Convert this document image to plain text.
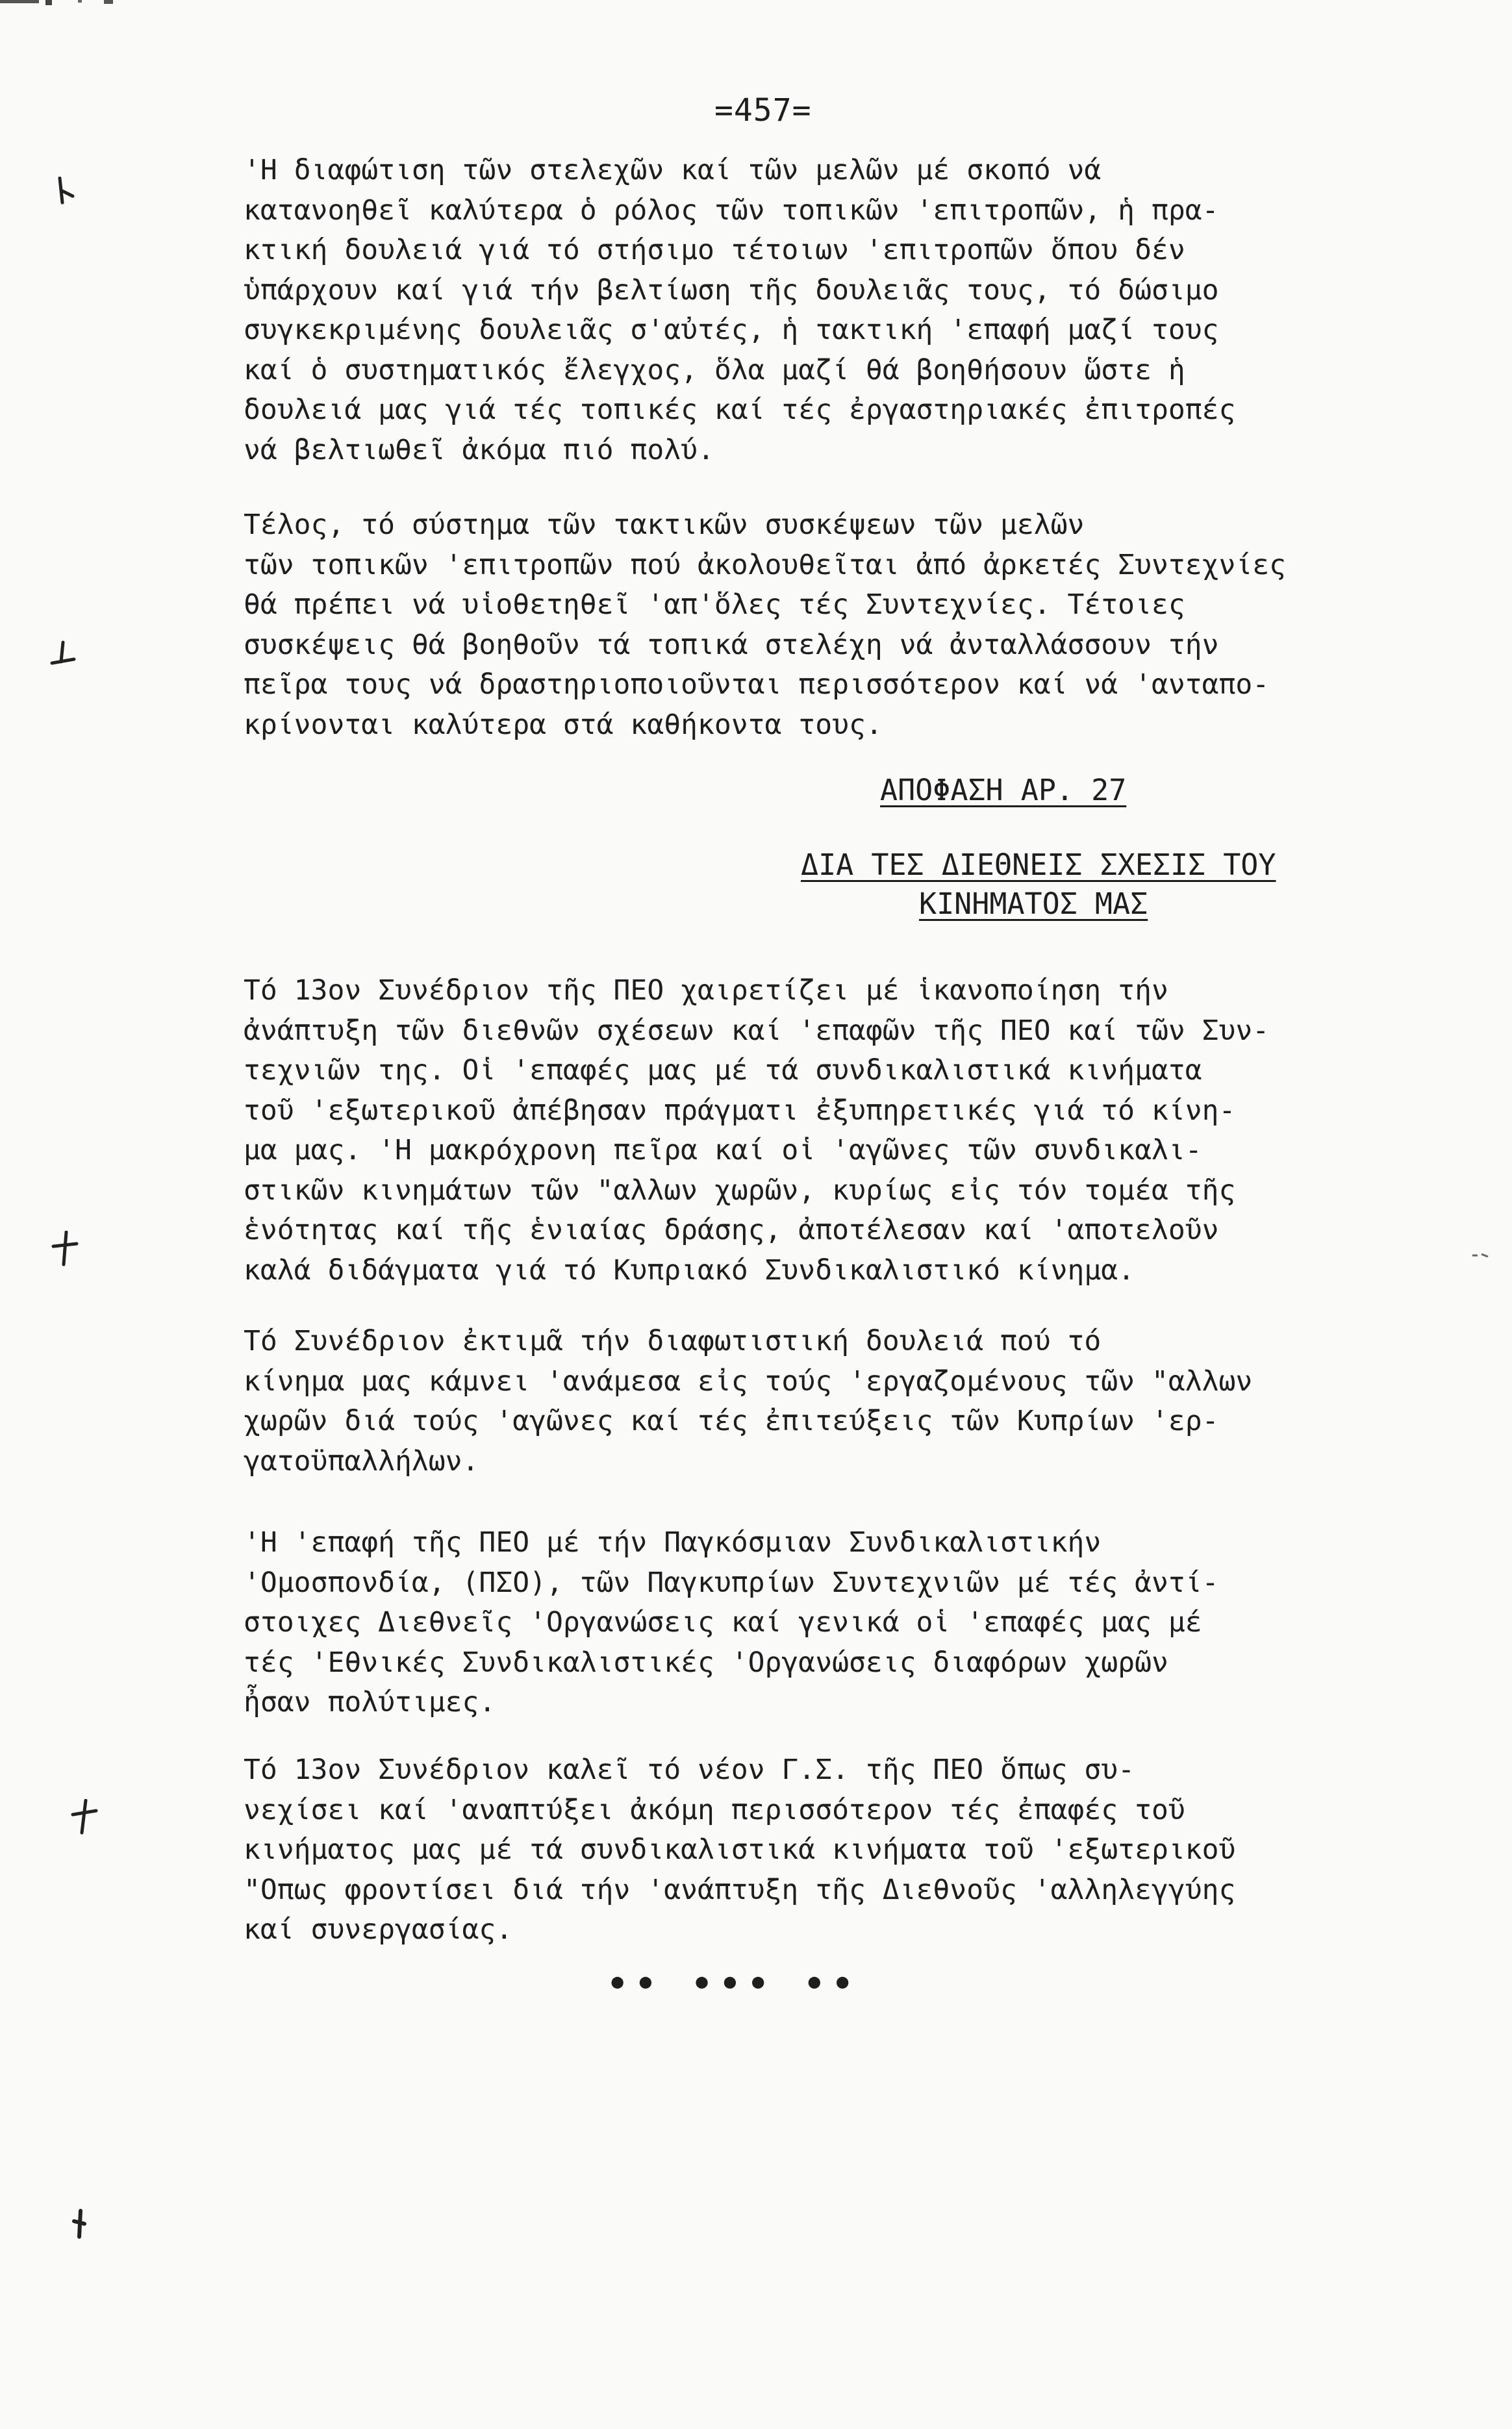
=457=

'Η διαφώτιση τῶν στελεχῶν καί τῶν μελῶν μέ σκοπό νά
κατανοηθεῖ καλύτερα ὁ ρόλος τῶν τοπικῶν 'επιτροπῶν, ἡ πρα-
κτική δουλειά γιά τό στήσιμο τέτοιων 'επιτροπῶν ὅπου δέν
ὑπάρχουν καί γιά τήν βελτίωση τῆς δουλειᾶς τους, τό δώσιμο
συγκεκριμένης δουλειᾶς σ'αὐτές, ἡ τακτική 'επαφή μαζί τους
καί ὁ συστηματικός ἔλεγχος, ὅλα μαζί θά βοηθήσουν ὥστε ἡ
δουλειά μας γιά τές τοπικές καί τές ἐργαστηριακές ἐπιτροπές
νά βελτιωθεῖ ἀκόμα πιό πολύ.

Τέλος, τό σύστημα τῶν τακτικῶν συσκέψεων τῶν μελῶν
τῶν τοπικῶν 'επιτροπῶν πού ἀκολουθεῖται ἀπό ἀρκετές Συντεχνίες
θά πρέπει νά υἱοθετηθεῖ 'απ'ὅλες τές Συντεχνίες. Τέτοιες
συσκέψεις θά βοηθοῦν τά τοπικά στελέχη νά ἀνταλλάσσουν τήν
πεῖρα τους νά δραστηριοποιοῦνται περισσότερον καί νά 'ανταπο-
κρίνονται καλύτερα στά καθήκοντα τους.

ΑΠΟΦΑΣΗ ΑΡ. 27
ΔΙΑ ΤΕΣ ΔΙΕΘΝΕΙΣ ΣΧΕΣΙΣ ΤΟΥ
ΚΙΝΗΜΑΤΟΣ ΜΑΣ

Τό 13ον Συνέδριον τῆς ΠΕΟ χαιρετίζει μέ ἱκανοποίηση τήν
ἀνάπτυξη τῶν διεθνῶν σχέσεων καί 'επαφῶν τῆς ΠΕΟ καί τῶν Συν-
τεχνιῶν της. Οἱ 'επαφές μας μέ τά συνδικαλιστικά κινήματα
τοῦ 'εξωτερικοῦ ἀπέβησαν πράγματι ἐξυπηρετικές γιά τό κίνη-
μα μας. 'Η μακρόχρονη πεῖρα καί οἱ 'αγῶνες τῶν συνδικαλι-
στικῶν κινημάτων τῶν "αλλων χωρῶν, κυρίως εἰς τόν τομέα τῆς
ἑνότητας καί τῆς ἑνιαίας δράσης, ἀποτέλεσαν καί 'αποτελοῦν
καλά διδάγματα γιά τό Κυπριακό Συνδικαλιστικό κίνημα.

Τό Συνέδριον ἐκτιμᾶ τήν διαφωτιστική δουλειά πού τό
κίνημα μας κάμνει 'ανάμεσα εἰς τούς 'εργαζομένους τῶν "αλλων
χωρῶν διά τούς 'αγῶνες καί τές ἐπιτεύξεις τῶν Κυπρίων 'ερ-
γατοϋπαλλήλων.

'Η 'επαφή τῆς ΠΕΟ μέ τήν Παγκόσμιαν Συνδικαλιστικήν
'Ομοσπονδία, (ΠΣΟ), τῶν Παγκυπρίων Συντεχνιῶν μέ τές ἀντί-
στοιχες Διεθνεῖς 'Οργανώσεις καί γενικά οἱ 'επαφές μας μέ
τές 'Εθνικές Συνδικαλιστικές 'Οργανώσεις διαφόρων χωρῶν
ἦσαν πολύτιμες.

Τό 13ον Συνέδριον καλεῖ τό νέον Γ.Σ. τῆς ΠΕΟ ὅπως συ-
νεχίσει καί 'αναπτύξει ἀκόμη περισσότερον τές ἐπαφές τοῦ
κινήματος μας μέ τά συνδικαλιστικά κινήματα τοῦ 'εξωτερικοῦ
"Οπως φροντίσει διά τήν 'ανάπτυξη τῆς Διεθνοῦς 'αλληλεγγύης
καί συνεργασίας.

•• ••• ••
